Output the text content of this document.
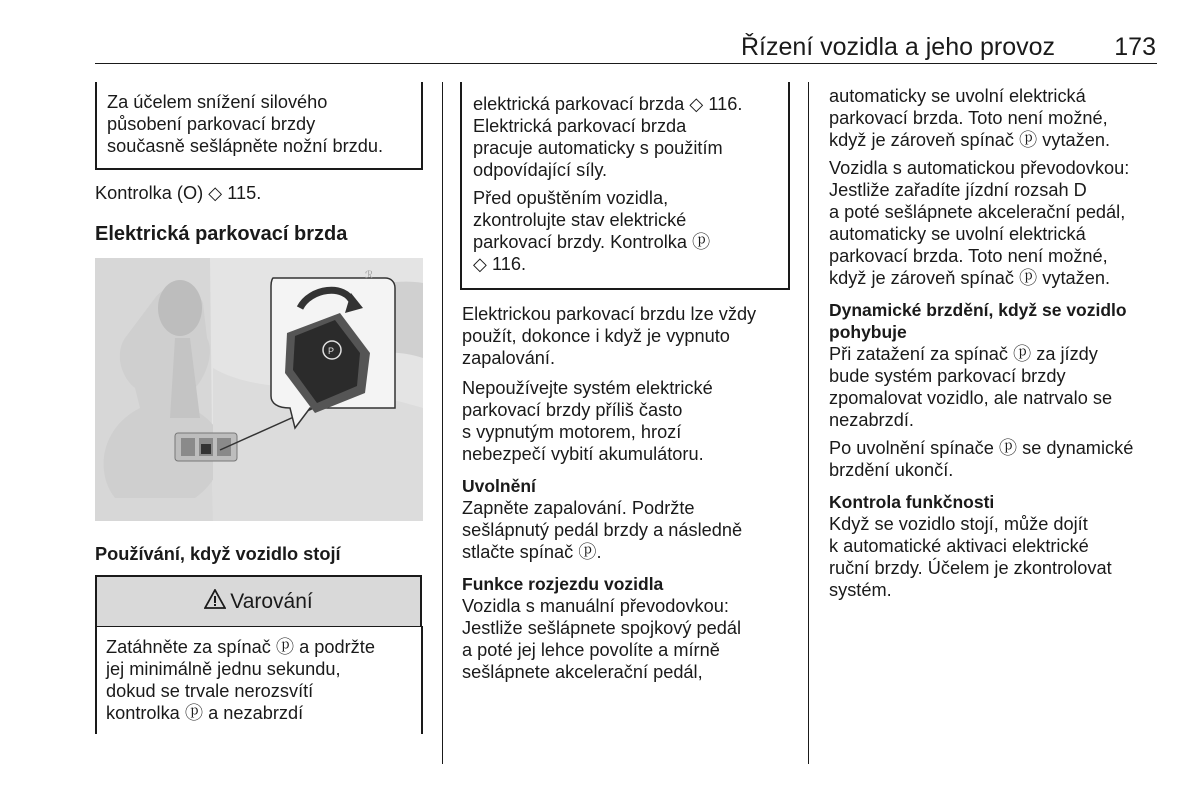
Řízení vozidla a jeho provoz 173

Za účelem snížení silového
působení parkovací brzdy
současně sešlápněte nožní brzdu.

Kontrolka (O) ◇ 115.

Elektrická parkovací brzda
P
ℛ
Používání, když vozidlo stojí
Varování

Zatáhněte za spínač ⓟ a podržte
jej minimálně jednu sekundu,
dokud se trvale nerozsvítí
kontrolka ⓟ a nezabrzdí

elektrická parkovací brzda ◇ 116.
Elektrická parkovací brzda
pracuje automaticky s použitím
odpovídající síly.

Před opuštěním vozidla,
zkontrolujte stav elektrické
parkovací brzdy. Kontrolka ⓟ
◇ 116.

Elektrickou parkovací brzdu lze vždy
použít, dokonce i když je vypnuto
zapalování.

Nepoužívejte systém elektrické
parkovací brzdy příliš často
s vypnutým motorem, hrozí
nebezpečí vybití akumulátoru.

Uvolnění

Zapněte zapalování. Podržte
sešlápnutý pedál brzdy a následně
stlačte spínač ⓟ.

Funkce rozjezdu vozidla

Vozidla s manuální převodovkou:
Jestliže sešlápnete spojkový pedál
a poté jej lehce povolíte a mírně
sešlápnete akcelerační pedál,

automaticky se uvolní elektrická
parkovací brzda. Toto není možné,
když je zároveň spínač ⓟ vytažen.

Vozidla s automatickou převodovkou:
Jestliže zařadíte jízdní rozsah D
a poté sešlápnete akcelerační pedál,
automaticky se uvolní elektrická
parkovací brzda. Toto není možné,
když je zároveň spínač ⓟ vytažen.

Dynamické brzdění, když se vozidlo
pohybuje

Při zatažení za spínač ⓟ za jízdy
bude systém parkovací brzdy
zpomalovat vozidlo, ale natrvalo se
nezabrzdí.

Po uvolnění spínače ⓟ se dynamické
brzdění ukončí.

Kontrola funkčnosti

Když se vozidlo stojí, může dojít
k automatické aktivaci elektrické
ruční brzdy. Účelem je zkontrolovat
systém.
